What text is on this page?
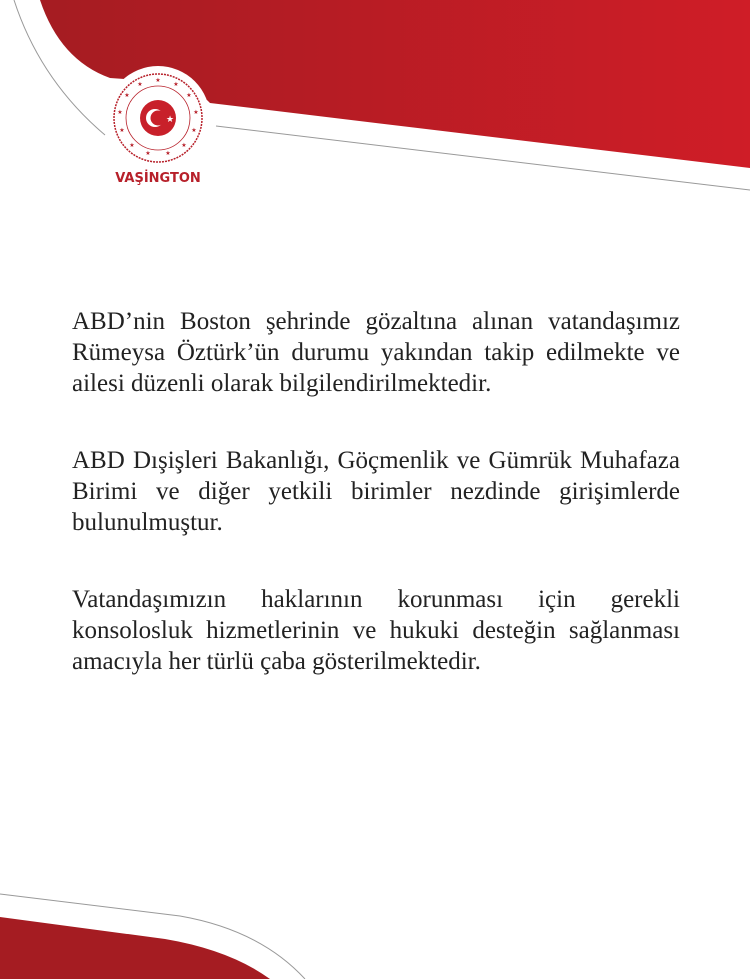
★
★
★
★
★
★
★
★
★
★
★
★
★
★
VAŞİNGTON

ABD’nin Boston şehrinde gözaltına alınan vatandaşımız Rümeysa Öztürk’ün durumu yakından takip edilmekte ve ailesi düzenli olarak bilgilendirilmektedir.

ABD Dışişleri Bakanlığı, Göçmenlik ve Gümrük Muhafaza Birimi ve diğer yetkili birimler nezdinde girişimlerde bulunulmuştur.

Vatandaşımızın haklarının korunması için gerekli konsolosluk hizmetlerinin ve hukuki desteğin sağlanması amacıyla her türlü çaba gösterilmektedir.
